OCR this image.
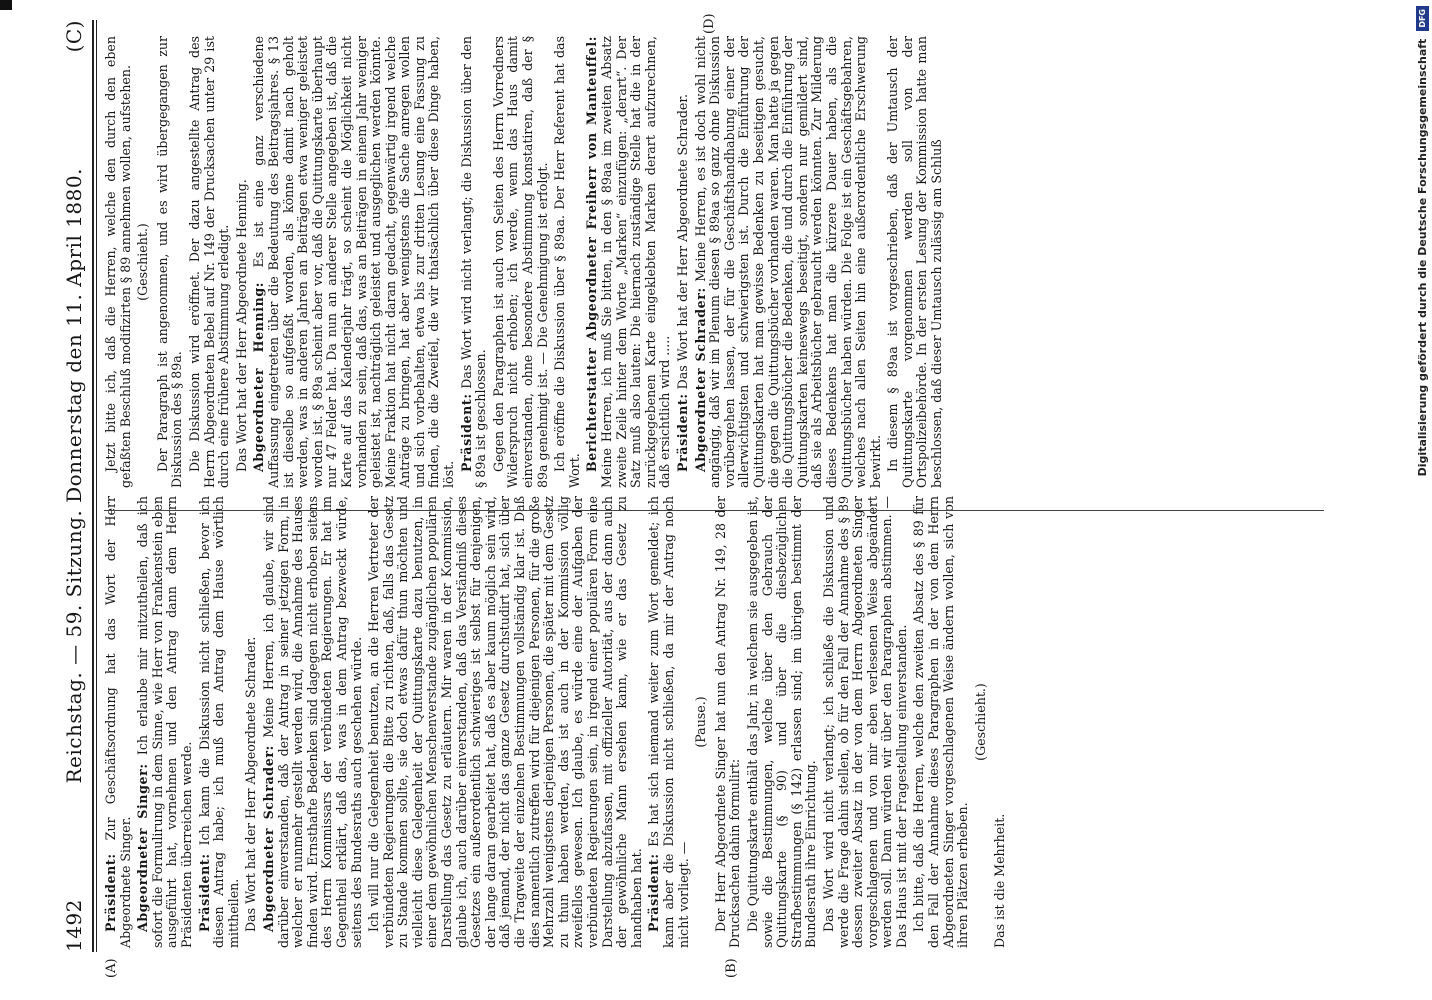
1492
Reichstag. — 59. Sitzung. Donnerstag den 11. April 1880.
(C)
(A)	(B)
(D)

Präsident: Zur Geschäftsordnung hat das Wort der Herr Abgeordnete Singer. Abgeordneter Singer: Ich erlaube mir mitzutheilen, daß ich sofort die Formulirung in dem Sinne, wie Herr von Frankenstein eben ausgeführt hat, vornehmen und den Antrag dann dem Herrn Präsidenten überreichen werde. Präsident: Ich kann die Diskussion nicht schließen, bevor ich diesen Antrag habe; ich muß den Antrag dem Hause wörtlich mittheilen. Das Wort hat der Herr Abgeordnete Schrader. Abgeordneter Schrader: Meine Herren, ich glaube, wir sind darüber einverstanden, daß der Antrag in seiner jetzigen Form, in welcher er nunmehr gestellt werden wird, die Annahme des Hauses finden wird. Ernsthafte Bedenken sind dagegen nicht erhoben seitens des Herrn Kommissars der verbündeten Regierungen. Er hat im Gegentheil erklärt, daß das, was in dem Antrag bezweckt würde, seitens des Bundesraths auch geschehen würde. Ich will nur die Gelegenheit benutzen, an die Herren Vertreter der verbündeten Regierungen die Bitte zu richten, daß, falls das Gesetz zu Stande kommen sollte, sie doch etwas dafür thun möchten und vielleicht diese Gelegenheit der Quittungskarte dazu benutzen, in einer dem gewöhnlichen Menschenverstande zugänglichen populären Darstellung das Gesetz zu erläutern. Mir waren in der Kommission, glaube ich, auch darüber einverstanden, daß das Verständniß dieses Gesetzes ein außerordentlich schwieriges ist selbst für denjenigen, der lange daran gearbeitet hat, daß es aber kaum möglich sein wird, daß jemand, der nicht das ganze Gesetz durchstudirt hat, sich über die Tragweite der einzelnen Bestimmungen vollständig klar ist. Daß dies namentlich zutreffen wird für diejenigen Personen, für die große Mehrzahl wenigstens derjenigen Personen, die später mit dem Gesetz zu thun haben werden, das ist auch in der Kommission völlig zweifellos gewesen. Ich glaube, es würde eine der Aufgaben der verbündeten Regierungen sein, in irgend einer populären Form eine Darstellung abzufassen, mit offizieller Autorität, aus der dann auch der gewöhnliche Mann ersehen kann, wie er das Gesetz zu handhaben hat. Präsident: Es hat sich niemand weiter zum Wort gemeldet; ich kann aber die Diskussion nicht schließen, da mir der Antrag noch nicht vorliegt. —

(Pause.) Der Herr Abgeordnete Singer hat nun den Antrag Nr. 149, 28 der Drucksachen dahin formulirt: Die Quittungskarte enthält das Jahr, in welchem sie ausgegeben ist, sowie die Bestimmungen, welche über den Gebrauch der Quittungskarte (§ 90) und über die diesbezüglichen Strafbestimmungen (§ 142) erlassen sind; im übrigen bestimmt der Bundesrath ihre Einrichtung. Das Wort wird nicht verlangt; ich schließe die Diskussion und werde die Frage dahin stellen, ob für den Fall der Annahme des § 89 dessen zweiter Absatz in der von dem Herrn Abgeordneten Singer vorgeschlagenen und von mir eben verlesenen Weise abgeändert werden soll. Dann würden wir über den Paragraphen abstimmen. — Das Haus ist mit der Fragestellung einverstanden. Ich bitte, daß die Herren, welche den zweiten Absatz des § 89 für den Fall der Annahme dieses Paragraphen in der von dem Herrn Abgeordneten Singer vorgeschlagenen Weise ändern wollen, sich von ihren Plätzen erheben.

(Geschieht.)

Das ist die Mehrheit.

Jetzt bitte ich, daß die Herren, welche den durch den eben gefaßten Beschluß modifizirten § 89 annehmen wollen, aufstehen. (Geschieht.) Der Paragraph ist angenommen, und es wird übergegangen zur Diskussion des § 89a. Die Diskussion wird eröffnet. Der dazu angestellte Antrag des Herrn Abgeordneten Bebel auf Nr. 149 der Drucksachen unter 29 ist durch eine frühere Abstimmung erledigt. Das Wort hat der Herr Abgeordnete Henning. Abgeordneter Henning: Es ist eine ganz verschiedene Auffassung eingetreten über die Bedeutung des Beitragsjahres. § 13 ist dieselbe so aufgefaßt worden, als könne damit nach geholt werden, was in anderen Jahren an Beiträgen etwa weniger geleistet worden ist. § 89a scheint aber vor, daß die Quittungskarte überhaupt nur 47 Felder hat. Da nun an anderer Stelle angegeben ist, daß die Karte auf das Kalenderjahr trägt, so scheint die Möglichkeit nicht vorhanden zu sein, daß das, was an Beiträgen in einem Jahr weniger geleistet ist, nachträglich geleistet und ausgeglichen werden könnte. Meine Fraktion hat nicht daran gedacht, gegenwärtig irgend welche Anträge zu bringen, hat aber wenigstens die Sache anregen wollen und sich vorbehalten, etwa bis zur dritten Lesung eine Fassung zu finden, die die Zweifel, die wir thatsächlich über diese Dinge haben, löst.

Präsident: Das Wort wird nicht verlangt; die Diskussion über den § 89a ist geschlossen. Gegen den Paragraphen ist auch von Seiten des Herrn Vorredners Widerspruch nicht erhoben; ich werde, wenn das Haus damit einverstanden, ohne besondere Abstimmung konstatiren, daß der § 89a genehmigt ist. — Die Genehmigung ist erfolgt. Ich eröffne die Diskussion über § 89aa. Der Herr Referent hat das Wort. Berichterstatter Abgeordneter Freiherr von Manteuffel: Meine Herren, ich muß Sie bitten, in den § 89aa im zweiten Absatz zweite Zeile hinter dem Worte „Marken“ einzufügen: „derart“. Der Satz muß also lauten: Die hiernach zuständige Stelle hat die in der zurückgegebenen Karte eingeklebten Marken derart aufzurechnen, daß ersichtlich wird ..... Präsident: Das Wort hat der Herr Abgeordnete Schrader. Abgeordneter Schrader: Meine Herren, es ist doch wohl nicht angängig, daß wir im Plenum diesen § 89aa so ganz ohne Diskussion vorübergehen lassen, der für die Geschäftshandhabung einer der allerwichtigsten und schwierigsten ist. Durch die Einführung der Quittungskarten hat man gewisse Bedenken zu beseitigen gesucht, die gegen die Quittungsbücher vorhanden waren. Man hatte ja gegen die Quittungsbücher die Bedenken, die und durch die Einführung der Quittungskarten keineswegs beseitigt, sondern nur gemildert sind, daß sie als Arbeitsbücher gebraucht werden könnten. Zur Milderung dieses Bedenkens hat man die kürzere Dauer haben, als die Quittungsbücher haben würden. Die Folge ist ein Geschäftsgebahren, welches nach allen Seiten hin eine außerordentliche Erschwerung bewirkt. In diesem § 89aa ist vorgeschrieben, daß der Umtausch der Quittungskarte vorgenommen werden soll von der Ortspolizeibehörde. In der ersten Lesung der Kommission hatte man beschlossen, daß dieser Umtausch zulässig am Schluß	Digitalisierung gefördert durch die Deutsche Forschungsgemeinschaft
DFG
